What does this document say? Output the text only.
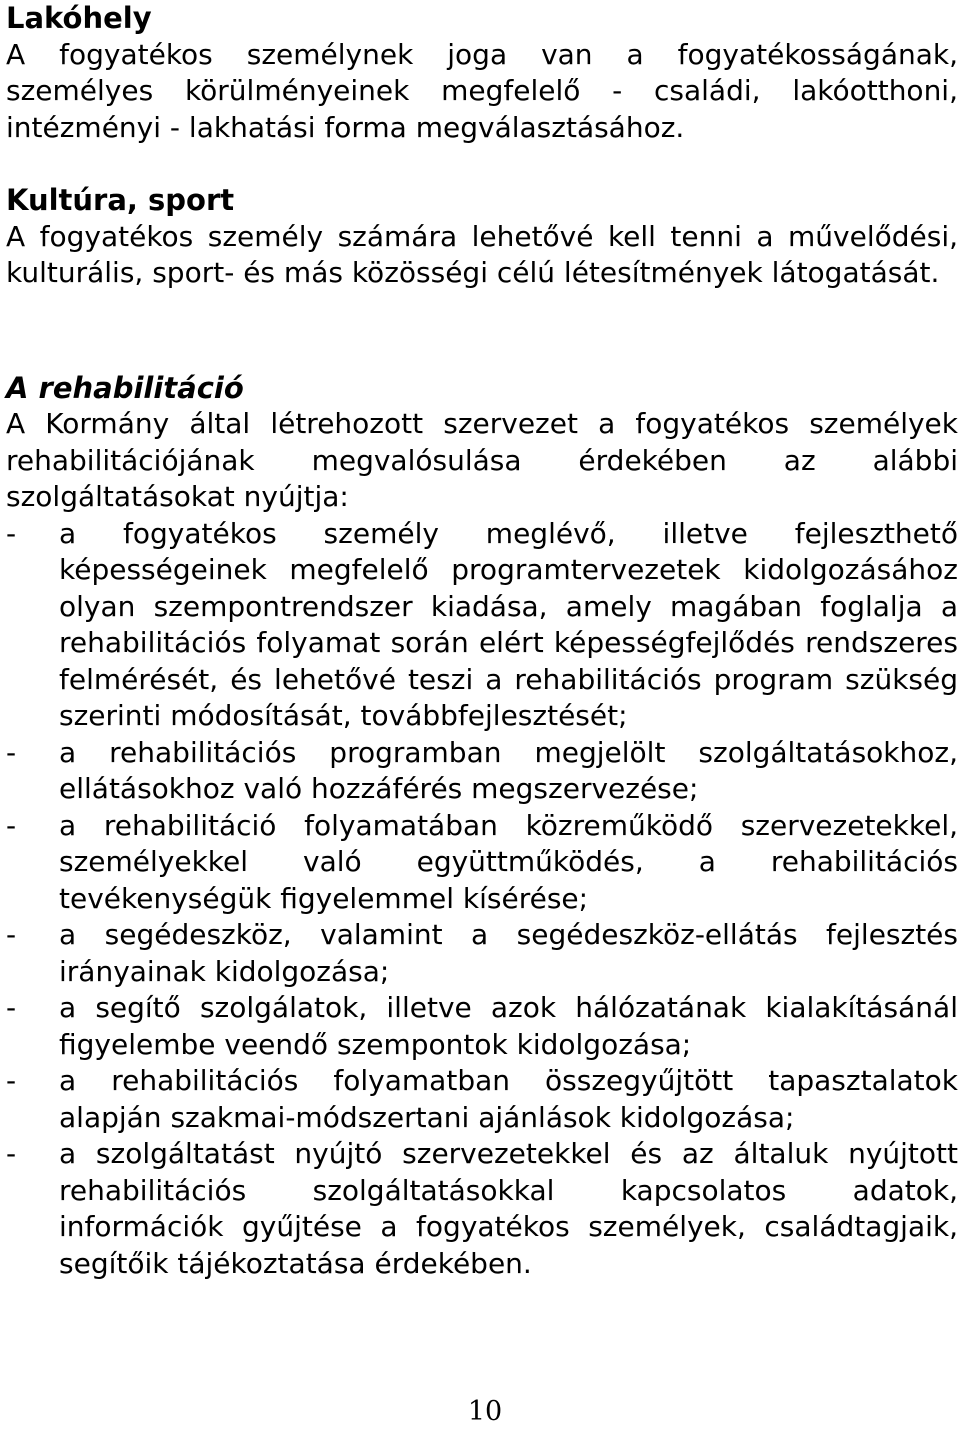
Lakóhely

A fogyatékos személynek joga van a fogyatékosságának, személyes körülményeinek megfelelő - családi, lakóotthoni, intézményi - lakhatási forma megválasztásához.

Kultúra, sport

A fogyatékos személy számára lehetővé kell tenni a művelődési, kulturális, sport- és más közösségi célú létesítmények látogatását.

A rehabilitáció

A Kormány által létrehozott szervezet a fogyatékos személyek rehabilitációjának megvalósulása érdekében az alábbi szolgáltatásokat nyújtja:

- a fogyatékos személy meglévő, illetve fejleszthető képességeinek megfelelő programtervezetek kidolgozásához olyan szempontrendszer kiadása, amely magában foglalja a rehabilitációs folyamat során elért képességfejlődés rendszeres felmérését, és lehetővé teszi a rehabilitációs program szükség szerinti módosítását, továbbfejlesztését;
- a rehabilitációs programban megjelölt szolgáltatásokhoz, ellátásokhoz való hozzáférés megszervezése;
- a rehabilitáció folyamatában közreműködő szervezetekkel, személyekkel való együttműködés, a rehabilitációs tevékenységük figyelemmel kísérése;
- a segédeszköz, valamint a segédeszköz-ellátás fejlesztés irányainak kidolgozása;
- a segítő szolgálatok, illetve azok hálózatának kialakításánál figyelembe veendő szempontok kidolgozása;
- a rehabilitációs folyamatban összegyűjtött tapasztalatok alapján szakmai-módszertani ajánlások kidolgozása;
- a szolgáltatást nyújtó szervezetekkel és az általuk nyújtott rehabilitációs szolgáltatásokkal kapcsolatos adatok, információk gyűjtése a fogyatékos személyek, családtagjaik, segítőik tájékoztatása érdekében.
10
